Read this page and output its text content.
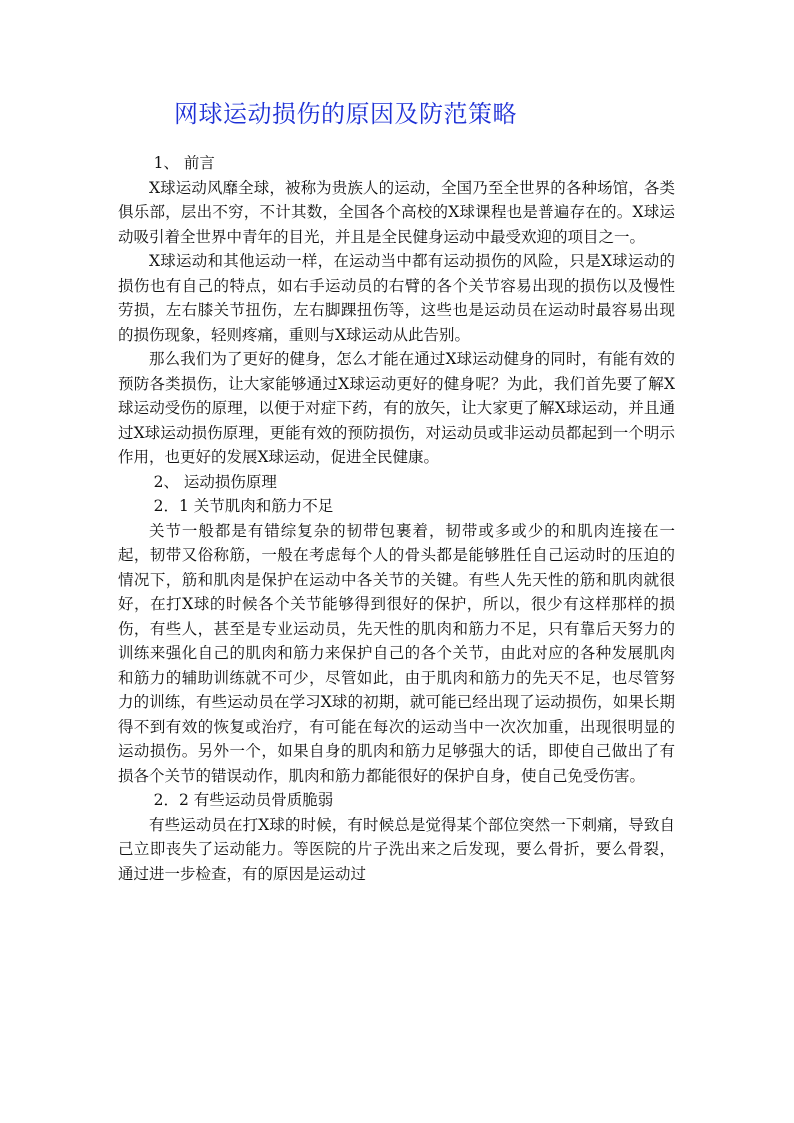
网球运动损伤的原因及防范策略

1、 前言

X球运动风靡全球，被称为贵族人的运动，全国乃至全世界的各种场馆，各类俱乐部，层出不穷，不计其数，全国各个高校的X球课程也是普遍存在的。X球运动吸引着全世界中青年的目光，并且是全民健身运动中最受欢迎的项目之一。

X球运动和其他运动一样，在运动当中都有运动损伤的风险，只是X球运动的损伤也有自己的特点，如右手运动员的右臂的各个关节容易出现的损伤以及慢性劳损，左右膝关节扭伤，左右脚踝扭伤等，这些也是运动员在运动时最容易出现的损伤现象，轻则疼痛，重则与X球运动从此告别。

那么我们为了更好的健身，怎么才能在通过X球运动健身的同时，有能有效的预防各类损伤，让大家能够通过X球运动更好的健身呢？为此，我们首先要了解X球运动受伤的原理，以便于对症下药，有的放矢，让大家更了解X球运动，并且通过X球运动损伤原理，更能有效的预防损伤，对运动员或非运动员都起到一个明示作用，也更好的发展X球运动，促进全民健康。

2、 运动损伤原理

2．1 关节肌肉和筋力不足

关节一般都是有错综复杂的韧带包裹着，韧带或多或少的和肌肉连接在一起，韧带又俗称筋，一般在考虑每个人的骨头都是能够胜任自己运动时的压迫的情况下，筋和肌肉是保护在运动中各关节的关键。有些人先天性的筋和肌肉就很好，在打X球的时候各个关节能够得到很好的保护，所以，很少有这样那样的损伤，有些人，甚至是专业运动员，先天性的肌肉和筋力不足，只有靠后天努力的训练来强化自己的肌肉和筋力来保护自己的各个关节，由此对应的各种发展肌肉和筋力的辅助训练就不可少，尽管如此，由于肌肉和筋力的先天不足，也尽管努力的训练，有些运动员在学习X球的初期，就可能已经出现了运动损伤，如果长期得不到有效的恢复或治疗，有可能在每次的运动当中一次次加重，出现很明显的运动损伤。另外一个，如果自身的肌肉和筋力足够强大的话，即使自己做出了有损各个关节的错误动作，肌肉和筋力都能很好的保护自身，使自己免受伤害。

2．2 有些运动员骨质脆弱

有些运动员在打X球的时候，有时候总是觉得某个部位突然一下刺痛，导致自己立即丧失了运动能力。等医院的片子洗出来之后发现，要么骨折，要么骨裂，通过进一步检查，有的原因是运动过
